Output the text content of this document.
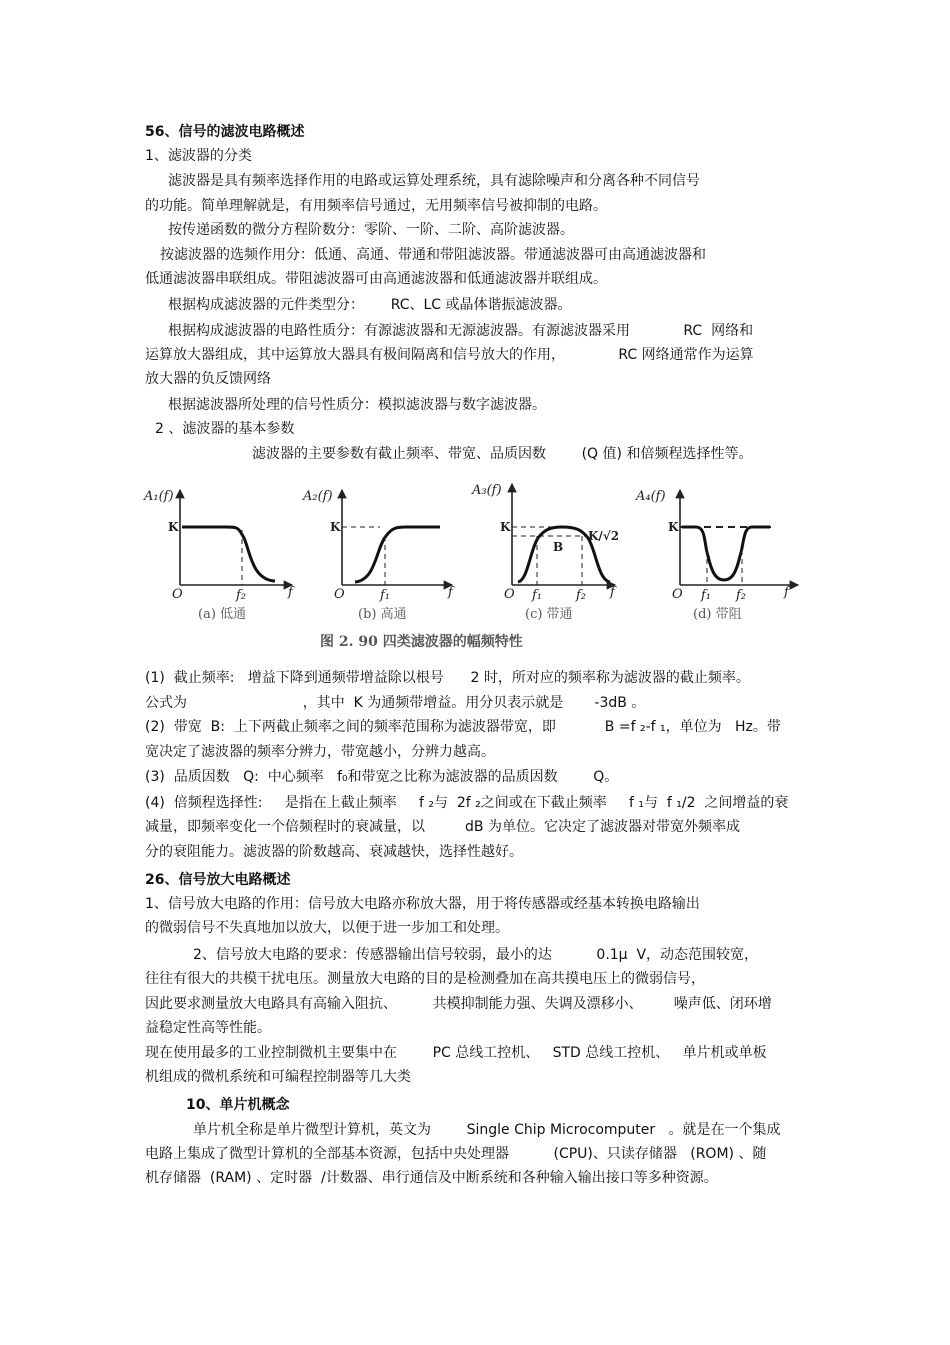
56、信号的滤波电路概述
1、滤波器的分类
滤波器是具有频率选择作用的电路或运算处理系统，具有滤除噪声和分离各种不同信号
的功能。简单理解就是，有用频率信号通过，无用频率信号被抑制的电路。
按传递函数的微分方程阶数分：零阶、一阶、二阶、高阶滤波器。
按滤波器的选频作用分：低通、高通、带通和带阻滤波器。带通滤波器可由高通滤波器和
低通滤波器串联组成。带阻滤波器可由高通滤波器和低通滤波器并联组成。
根据构成滤波器的元件类型分：      RC、LC 或晶体谐振滤波器。
根据构成滤波器的电路性质分：有源滤波器和无源滤波器。有源滤波器采用            RC  网络和
运算放大器组成，其中运算放大器具有极间隔离和信号放大的作用，            RC 网络通常作为运算
放大器的负反馈网络
根据滤波器所处理的信号性质分：模拟滤波器与数字滤波器。
2 、滤波器的基本参数
滤波器的主要参数有截止频率、带宽、品质因数        (Q 值) 和倍频程选择性等。
(1)  截止频率:   增益下降到通频带增益除以根号      2 时，所对应的频率称为滤波器的截止频率。
公式为                          ，其中  K 为通频带增益。用分贝表示就是       -3dB 。
(2)  带宽  B:  上下两截止频率之间的频率范围称为滤波器带宽，即           B =f ₂-f ₁，单位为   Hz。带
宽决定了滤波器的频率分辨力，带宽越小，分辨力越高。
(3)  品质因数   Q:  中心频率   f₀和带宽之比称为滤波器的品质因数        Q。
(4)  倍频程选择性:     是指在上截止频率     f ₂与  2f ₂之间或在下截止频率     f ₁与  f ₁/2  之间增益的衰
减量，即频率变化一个倍频程时的衰减量，以         dB 为单位。它决定了滤波器对带宽外频率成
分的衰阻能力。滤波器的阶数越高、衰减越快，选择性越好。
26、信号放大电路概述
1、信号放大电路的作用：信号放大电路亦称放大器，用于将传感器或经基本转换电路输出
的微弱信号不失真地加以放大，以便于进一步加工和处理。
2、信号放大电路的要求：传感器输出信号较弱，最小的达          0.1μ  V，动态范围较宽，
往往有很大的共模干扰电压。测量放大电路的目的是检测叠加在高共摸电压上的微弱信号，
因此要求测量放大电路具有高输入阻抗、        共模抑制能力强、失调及漂移小、       噪声低、闭环增
益稳定性高等性能。
现在使用最多的工业控制微机主要集中在        PC 总线工控机、   STD 总线工控机、   单片机或单板
机组成的微机系统和可编程控制器等几大类
10、单片机概念
单片机全称是单片微型计算机，英文为        Single Chip Microcomputer   。就是在一个集成
电路上集成了微型计算机的全部基本资源，包括中央处理器          (CPU)、只读存储器   (ROM) 、随
机存储器  (RAM) 、定时器  /计数器、串行通信及中断系统和各种输入输出接口等多种资源。
A₁(f)
K
O	f₂	f
(a) 低通
A₂(f)
K
O	f₁	f
(b) 高通
A₃(f)
K
K/√2
B
O f₁	f₂ f
(c) 带通
A₄(f)
K
O f₁ f₂	f
(d) 带阻
图 2. 90 四类滤波器的幅频特性
